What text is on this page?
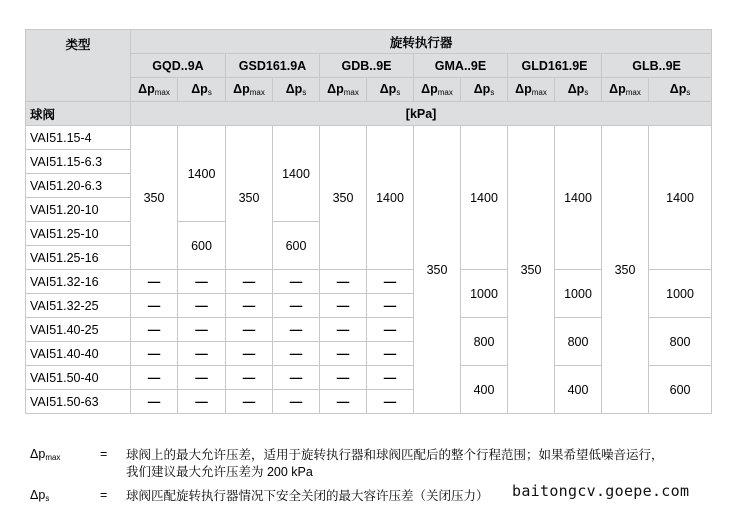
类型	旋转执行器											
	GQD..9A		GSD161.9A		GDB..9E		GMA..9E		GLD161.9E		GLB..9E	
	$\Delta p_{max}$	$\Delta p_s$	$\Delta p_{max}$	$\Delta p_s$	$\Delta p_{max}$	$\Delta p_s$	$\Delta p_{max}$	$\Delta p_s$	$\Delta p_{max}$	$\Delta p_s$	$\Delta p_{max}$	$\Delta p_s$
球阀	[kPa]											
VAI51.15-4	350	1400	350	1400	350	1400	350	1400	350	1400	350	1400
VAI51.15-6.3												
VAI51.20-6.3												
VAI51.20-10												
VAI51.25-10		600		600								
VAI51.25-16												
VAI51.32-16	—	—	—	—	—	—		1000		1000		1000
VAI51.32-25	—	—	—	—	—	—						
VAI51.40-25	—	—	—	—	—	—		800		800		800
VAI51.40-40	—	—	—	—	—	—						
VAI51.50-40	—	—	—	—	—	—		400		400		600
VAI51.50-63	—	—	—	—	—	—						
$\Delta p_{max}$	= 球阀上的最大允许压差，适用于旋转执行器和球阀匹配后的整个行程范围；如果希望低噪音运行，
我们建议最大允许压差为 200 kPa
$\Delta p_s$	= 球阀匹配旋转执行器情况下安全关闭的最大容许压差（关闭压力） baitongcv.goepe.com
